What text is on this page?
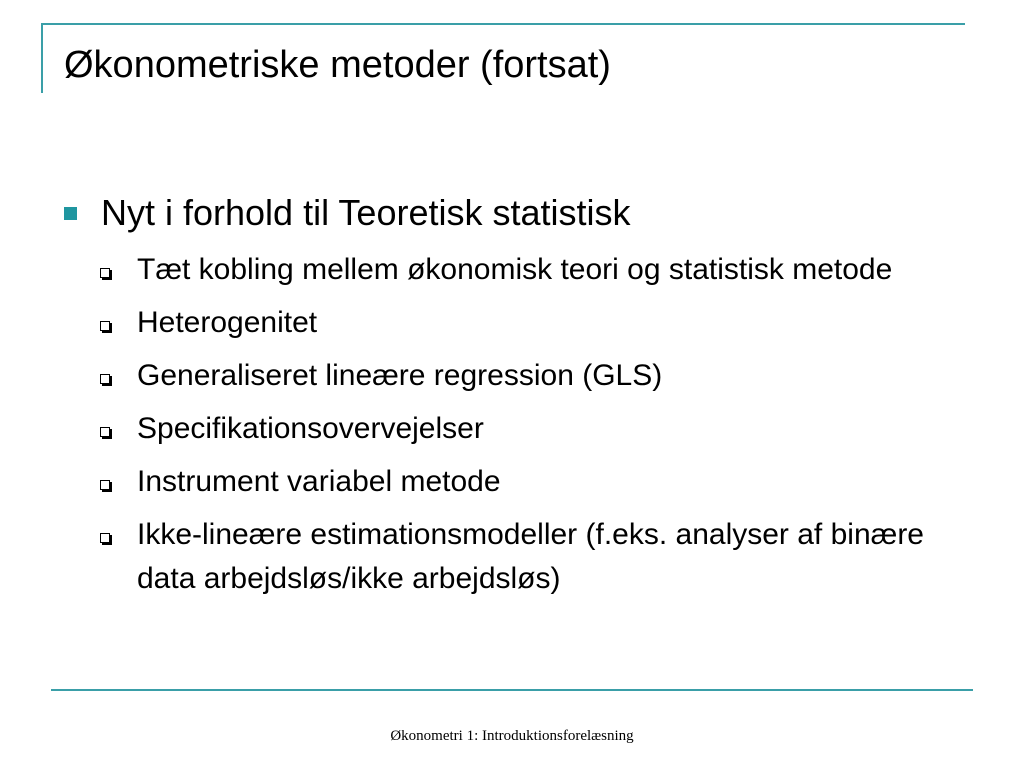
Økonometriske metoder (fortsat)
Nyt i forhold til Teoretisk statistisk
Tæt kobling mellem økonomisk teori og statistisk metode
Heterogenitet
Generaliseret lineære regression (GLS)
Specifikationsovervejelser
Instrument variabel metode
Ikke-lineære estimationsmodeller (f.eks. analyser af binære data arbejdsløs/ikke arbejdsløs)
Økonometri 1: Introduktionsforelæsning
